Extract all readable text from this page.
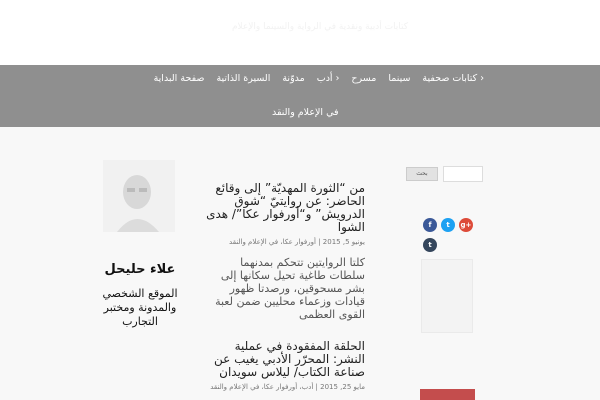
كتابات أدبية ونقدية في الرواية والسينما والإعلام
صفحة البداية	السيرة الذاتية	مدوّنة	‹ أدب	مسرح	سينما	‹ كتابات صحفية
في الإعلام والنقد
علاء حليحل
الموقع الشخصي والمدونة ومختبر التجارب
من “الثورة المهديّة” إلى وقائع الحاضر: عن روايتيّ “شوق الدرويش” و“أورفوار عكا”/ هدى الشوا
يونيو 5, 2015 | أورفوار عكا، في الإعلام والنقد
كلتا الروايتين تتحكم بمدنهما سلطات طاغية تحيل سكانها إلى بشر مسحوقين، ورصدتا ظهور قيادات وزعماء محليين ضمن لعبة القوى العظمى
الحلقة المفقودة في عملية النشر: المحرّر الأدبي يغيب عن صناعة الكتاب/ ليلاس سويدان
مايو 25, 2015 | أدب، أورفوار عكا، في الإعلام والنقد
بحث
f	t	g+
t
